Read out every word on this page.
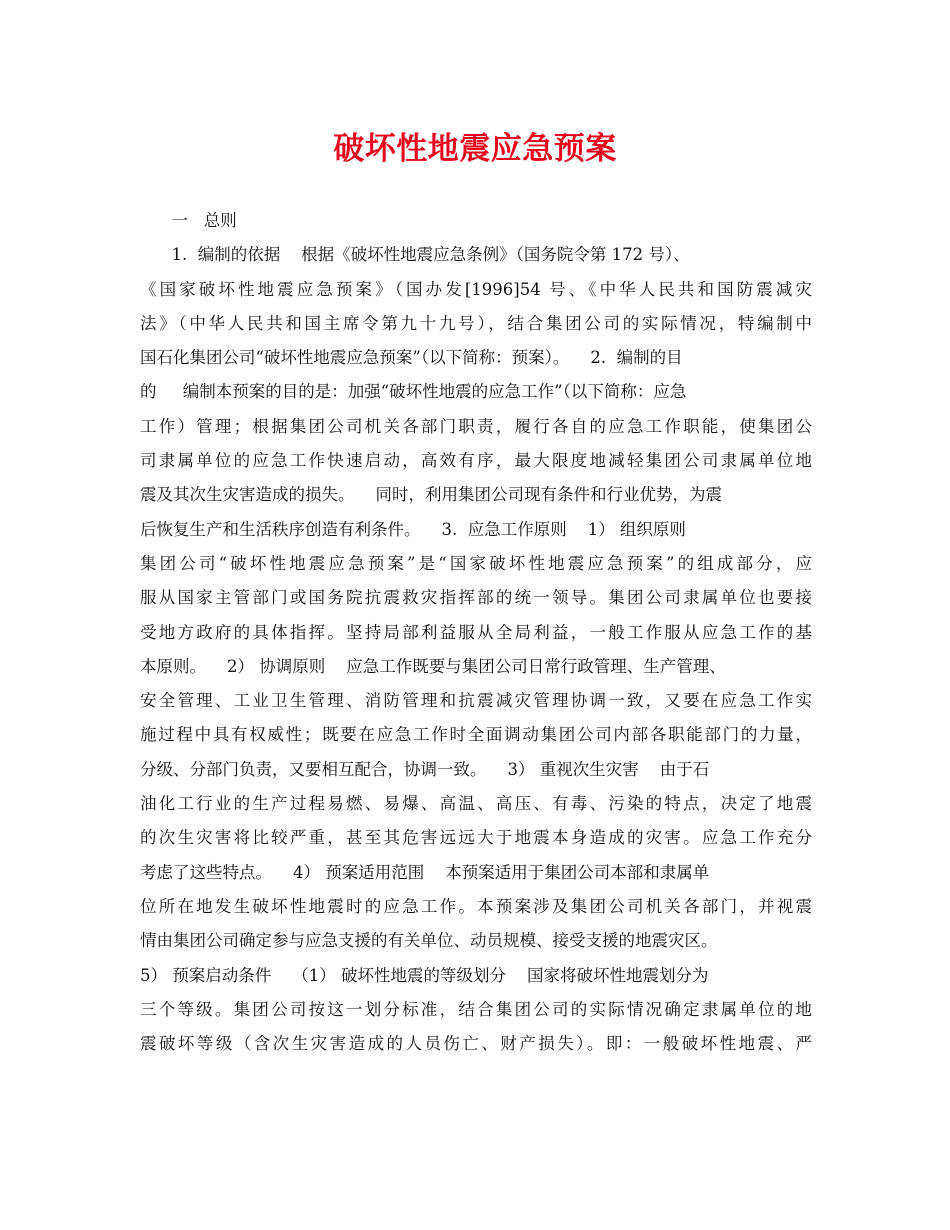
破坏性地震应急预案
一   总则
1.  编制的依据    根据《破坏性地震应急条例》（国务院令第 172 号）、
《国家破坏性地震应急预案》（国办发[1996]54 号、《中华人民共和国防震减灾
法》（中华人民共和国主席令第九十九号），结合集团公司的实际情况，特编制中
国石化集团公司“破坏性地震应急预案”（以下简称：预案）。    2.  编制的目
的     编制本预案的目的是：加强“破坏性地震的应急工作”（以下简称：应急
工作）管理；根据集团公司机关各部门职责，履行各自的应急工作职能，使集团公
司隶属单位的应急工作快速启动，高效有序，最大限度地减轻集团公司隶属单位地
震及其次生灾害造成的损失。    同时，利用集团公司现有条件和行业优势，为震
后恢复生产和生活秩序创造有利条件。    3.  应急工作原则    1） 组织原则
集团公司“破坏性地震应急预案”是“国家破坏性地震应急预案”的组成部分，应
服从国家主管部门或国务院抗震救灾指挥部的统一领导。集团公司隶属单位也要接
受地方政府的具体指挥。坚持局部利益服从全局利益，一般工作服从应急工作的基
本原则。    2） 协调原则    应急工作既要与集团公司日常行政管理、生产管理、
安全管理、工业卫生管理、消防管理和抗震减灾管理协调一致，又要在应急工作实
施过程中具有权威性；既要在应急工作时全面调动集团公司内部各职能部门的力量，
分级、分部门负责，又要相互配合，协调一致。    3） 重视次生灾害    由于石
油化工行业的生产过程易燃、易爆、高温、高压、有毒、污染的特点，决定了地震
的次生灾害将比较严重，甚至其危害远远大于地震本身造成的灾害。应急工作充分
考虑了这些特点。    4） 预案适用范围    本预案适用于集团公司本部和隶属单
位所在地发生破坏性地震时的应急工作。本预案涉及集团公司机关各部门，并视震
情由集团公司确定参与应急支援的有关单位、动员规模、接受支援的地震灾区。
5） 预案启动条件    （1） 破坏性地震的等级划分    国家将破坏性地震划分为
三个等级。集团公司按这一划分标准，结合集团公司的实际情况确定隶属单位的地
震破坏等级（含次生灾害造成的人员伤亡、财产损失）。即：一般破坏性地震、严
